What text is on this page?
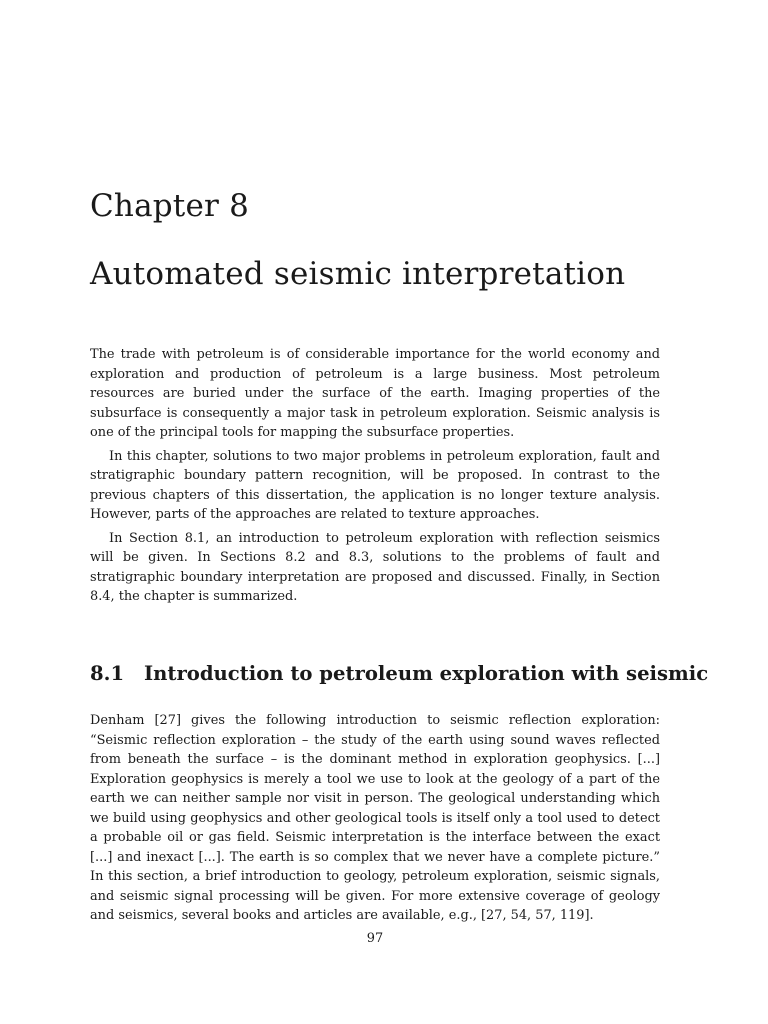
Chapter 8
Automated seismic interpretation

The trade with petroleum is of considerable importance for the world economy and exploration and production of petroleum is a large business. Most petroleum resources are buried under the surface of the earth. Imaging properties of the subsurface is consequently a major task in petroleum exploration. Seismic analysis is one of the principal tools for mapping the subsurface properties.

In this chapter, solutions to two major problems in petroleum exploration, fault and stratigraphic boundary pattern recognition, will be proposed. In contrast to the previous chapters of this dissertation, the application is no longer texture analysis. However, parts of the approaches are related to texture approaches.

In Section 8.1, an introduction to petroleum exploration with reflection seismics will be given. In Sections 8.2 and 8.3, solutions to the problems of fault and stratigraphic boundary interpretation are proposed and discussed. Finally, in Section 8.4, the chapter is summarized.

8.1 Introduction to petroleum exploration with seismic

Denham [27] gives the following introduction to seismic reflection exploration: “Seismic reflection exploration – the study of the earth using sound waves reflected from beneath the surface – is the dominant method in exploration geophysics. [...] Exploration geophysics is merely a tool we use to look at the geology of a part of the earth we can neither sample nor visit in person. The geological understanding which we build using geophysics and other geological tools is itself only a tool used to detect a probable oil or gas field. Seismic interpretation is the interface between the exact [...] and inexact [...]. The earth is so complex that we never have a complete picture.” In this section, a brief introduction to geology, petroleum exploration, seismic signals, and seismic signal processing will be given. For more extensive coverage of geology and seismics, several books and articles are available, e.g., [27, 54, 57, 119].

97
